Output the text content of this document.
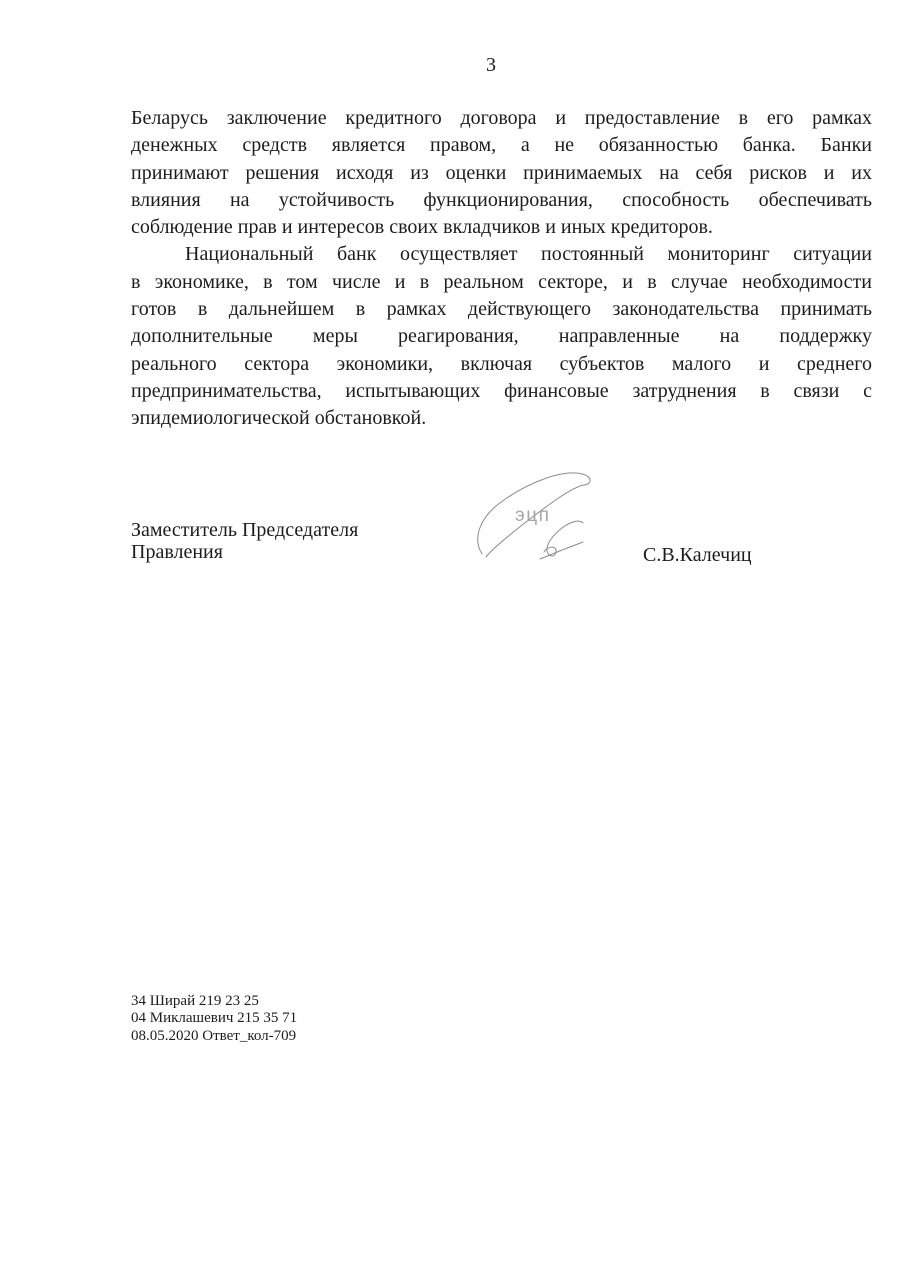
3

Беларусь заключение кредитного договора и предоставление в его рамках
денежных средств является правом, а не обязанностью банка. Банки
принимают решения исходя из оценки принимаемых на себя рисков и их
влияния на устойчивость функционирования, способность обеспечивать
соблюдение прав и интересов своих вкладчиков и иных кредиторов.

Национальный банк осуществляет постоянный мониторинг ситуации
в экономике, в том числе и в реальном секторе, и в случае необходимости
готов в дальнейшем в рамках действующего законодательства принимать
дополнительные меры реагирования, направленные на поддержку
реального сектора экономики, включая субъектов малого и среднего
предпринимательства, испытывающих финансовые затруднения в связи с
эпидемиологической обстановкой.

эцп
Заместитель Председателя
Правления	С.В.Калечиц
34 Ширай 219 23 25
04 Миклашевич 215 35 71
08.05.2020 Ответ_кол-709
